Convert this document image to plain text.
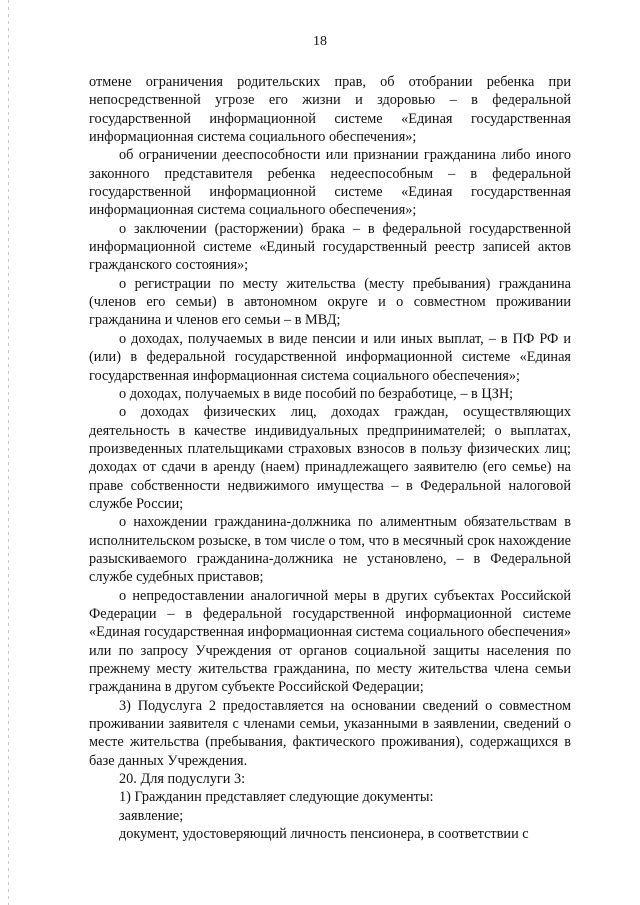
18

отмене ограничения родительских прав, об отобрании ребенка при непосредственной угрозе его жизни и здоровью – в федеральной государственной информационной системе «Единая государственная информационная система социального обеспечения»;

об ограничении дееспособности или признании гражданина либо иного законного представителя ребенка недееспособным – в федеральной государственной информационной системе «Единая государственная информационная система социального обеспечения»;

о заключении (расторжении) брака – в федеральной государственной информационной системе «Единый государственный реестр записей актов гражданского состояния»;

о регистрации по месту жительства (месту пребывания) гражданина (членов его семьи) в автономном округе и о совместном проживании гражданина и членов его семьи – в МВД;

о доходах, получаемых в виде пенсии и или иных выплат, – в ПФ РФ и (или) в федеральной государственной информационной системе «Единая государственная информационная система социального обеспечения»;

о доходах, получаемых в виде пособий по безработице, – в ЦЗН;

о доходах физических лиц, доходах граждан, осуществляющих деятельность в качестве индивидуальных предпринимателей; о выплатах, произведенных плательщиками страховых взносов в пользу физических лиц; доходах от сдачи в аренду (наем) принадлежащего заявителю (его семье) на праве собственности недвижимого имущества – в Федеральной налоговой службе России;

о нахождении гражданина-должника по алиментным обязательствам в исполнительском розыске, в том числе о том, что в месячный срок нахождение разыскиваемого гражданина-должника не установлено, – в Федеральной службе судебных приставов;

о непредоставлении аналогичной меры в других субъектах Российской Федерации – в федеральной государственной информационной системе «Единая государственная информационная система социального обеспечения» или по запросу Учреждения от органов социальной защиты населения по прежнему месту жительства гражданина, по месту жительства члена семьи гражданина в другом субъекте Российской Федерации;

3) Подуслуга 2 предоставляется на основании сведений о совместном проживании заявителя с членами семьи, указанными в заявлении, сведений о месте жительства (пребывания, фактического проживания), содержащихся в базе данных Учреждения.

20. Для подуслуги 3:

1) Гражданин представляет следующие документы:

заявление;

документ, удостоверяющий личность пенсионера, в соответствии с
